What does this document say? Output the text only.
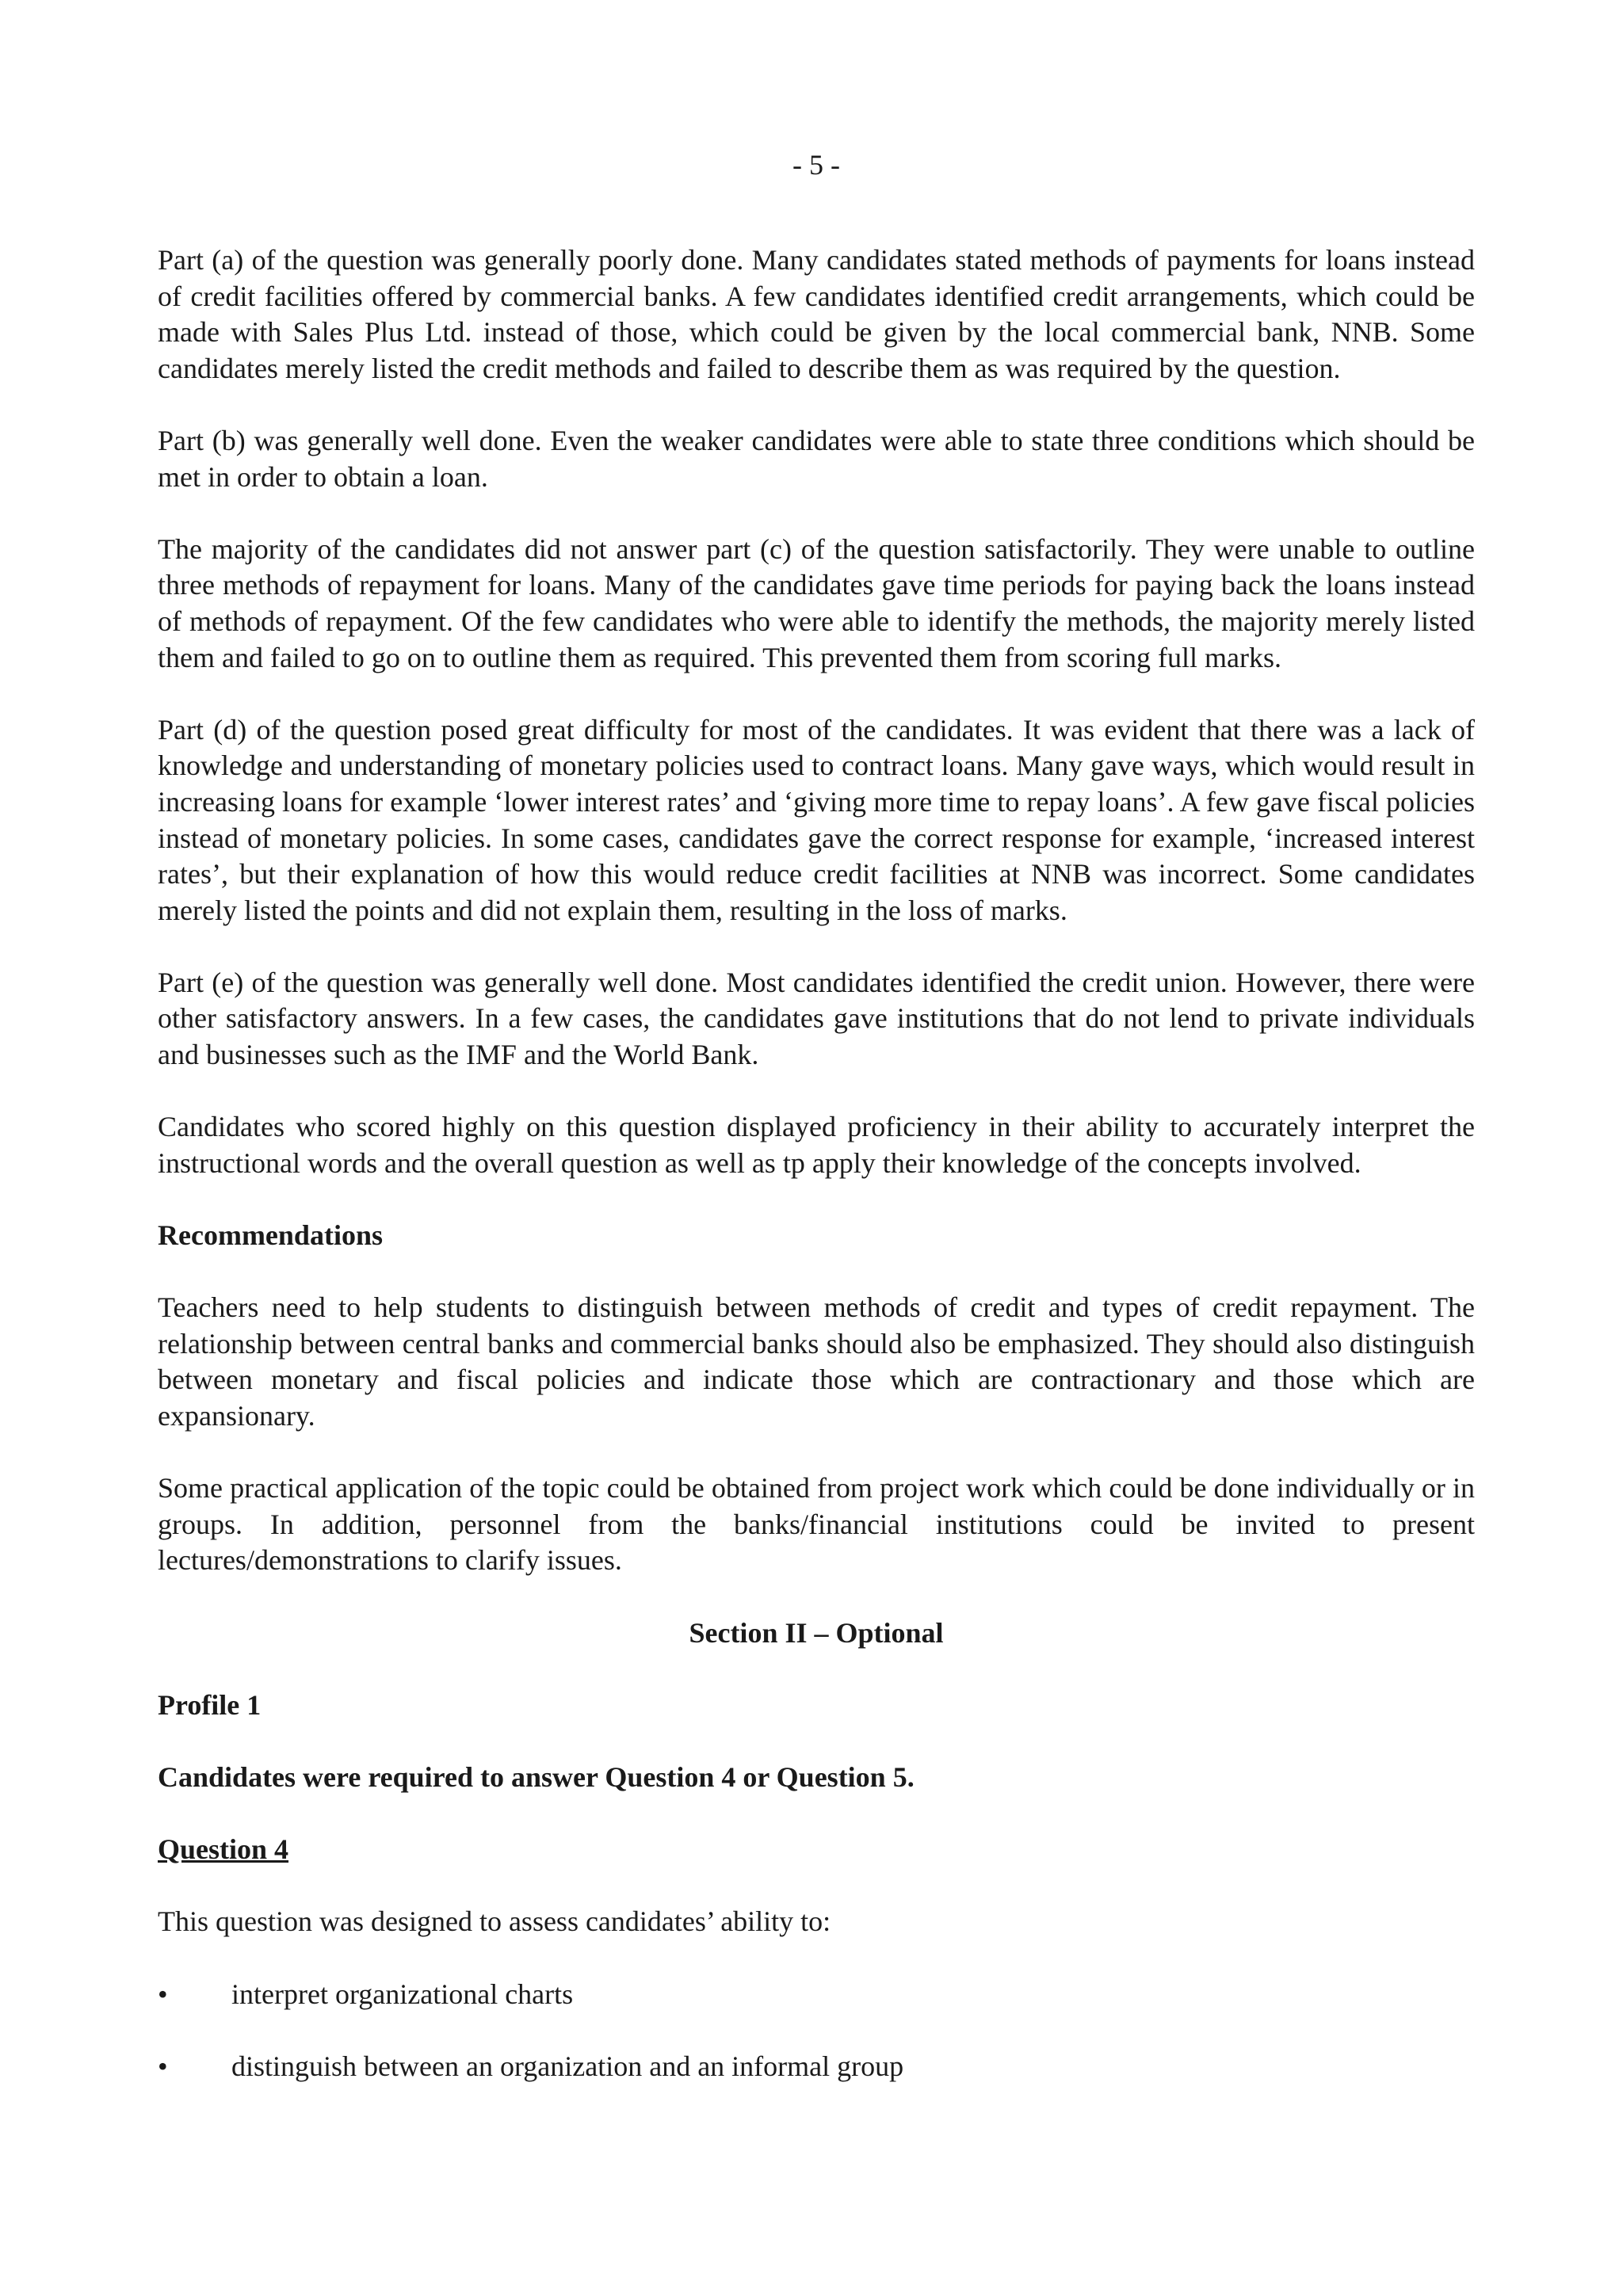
- 5 -

Part (a) of the question was generally poorly done. Many candidates stated methods of payments for loans instead of credit facilities offered by commercial banks. A few candidates identified credit arrangements, which could be made with Sales Plus Ltd. instead of those, which could be given by the local commercial bank, NNB. Some candidates merely listed the credit methods and failed to describe them as was required by the question.

Part (b) was generally well done. Even the weaker candidates were able to state three conditions which should be met in order to obtain a loan.

The majority of the candidates did not answer part (c) of the question satisfactorily. They were unable to outline three methods of repayment for loans. Many of the candidates gave time periods for paying back the loans instead of methods of repayment. Of the few candidates who were able to identify the methods, the majority merely listed them and failed to go on to outline them as required. This prevented them from scoring full marks.

Part (d) of the question posed great difficulty for most of the candidates. It was evident that there was a lack of knowledge and understanding of monetary policies used to contract loans. Many gave ways, which would result in increasing loans for example ‘lower interest rates’ and ‘giving more time to repay loans’. A few gave fiscal policies instead of monetary policies. In some cases, candidates gave the correct response for example, ‘increased interest rates’, but their explanation of how this would reduce credit facilities at NNB was incorrect. Some candidates merely listed the points and did not explain them, resulting in the loss of marks.

Part (e) of the question was generally well done. Most candidates identified the credit union. However, there were other satisfactory answers. In a few cases, the candidates gave institutions that do not lend to private individuals and businesses such as the IMF and the World Bank.

Candidates who scored highly on this question displayed proficiency in their ability to accurately interpret the instructional words and the overall question as well as tp apply their knowledge of the concepts involved.

Recommendations

Teachers need to help students to distinguish between methods of credit and types of credit repayment. The relationship between central banks and commercial banks should also be emphasized. They should also distinguish between monetary and fiscal policies and indicate those which are contractionary and those which are expansionary.

Some practical application of the topic could be obtained from project work which could be done individually or in groups. In addition, personnel from the banks/financial institutions could be invited to present lectures/demonstrations to clarify issues.

Section II – Optional

Profile 1

Candidates were required to answer Question 4 or Question 5.

Question 4

This question was designed to assess candidates’ ability to:

• interpret organizational charts
• distinguish between an organization and an informal group
